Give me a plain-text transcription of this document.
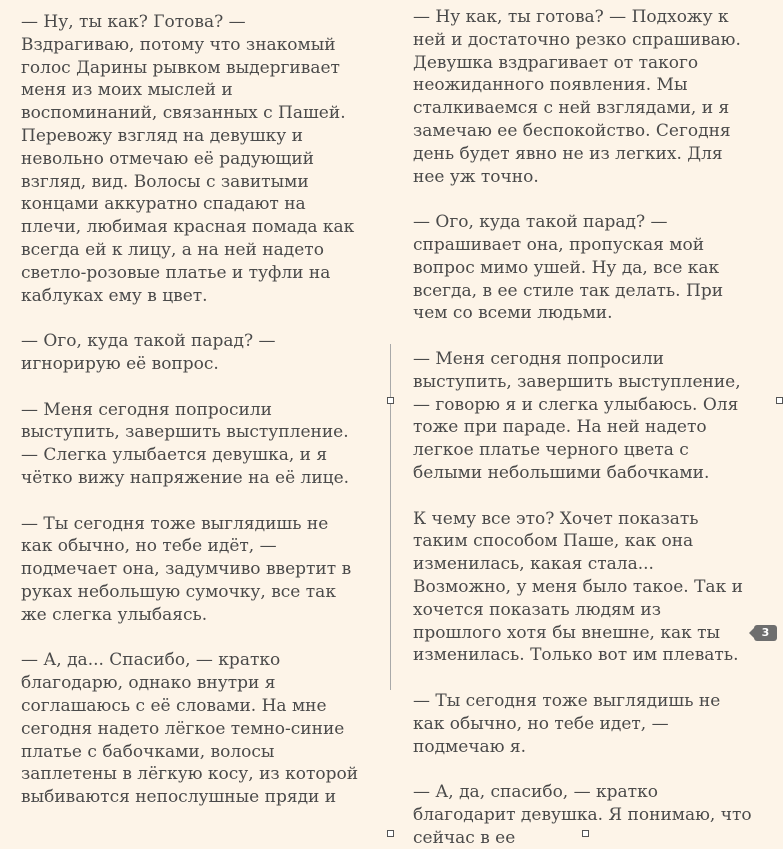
— Ну, ты как? Готова? — Вздрагиваю, потому что знакомый голос Дарины рывком выдергивает меня из моих мыслей и воспоминаний, связанных с Пашей. Перевожу взгляд на девушку и невольно отмечаю её радующий взгляд, вид. Волосы с завитыми концами аккуратно спадают на плечи, любимая красная помада как всегда ей к лицу, а на ней надето светло-розовые платье и туфли на каблуках ему в цвет.

— Ого, куда такой парад? — игнорирую её вопрос.

— Меня сегодня попросили выступить, завершить выступление. — Слегка улыбается девушка, и я чётко вижу напряжение на её лице.

— Ты сегодня тоже выглядишь не как обычно, но тебе идёт, — подмечает она, задумчиво ввертит в руках небольшую сумочку, все так же слегка улыбаясь.

— А, да... Спасибо, — кратко благодарю, однако внутри я соглашаюсь с её словами. На мне сегодня надето лёгкое темно-синие платье с бабочками, волосы заплетены в лёгкую косу, из которой выбиваются непослушные пряди и

— Ну как, ты готова? — Подхожу к ней и достаточно резко спрашиваю. Девушка вздрагивает от такого неожиданного появления. Мы сталкиваемся с ней взглядами, и я замечаю ее беспокойство. Сегодня день будет явно не из легких. Для нее уж точно.

— Ого, куда такой парад? — спрашивает она, пропуская мой вопрос мимо ушей. Ну да, все как всегда, в ее стиле так делать. При чем со всеми людьми.

— Меня сегодня попросили выступить, завершить выступление, — говорю я и слегка улыбаюсь. Оля тоже при параде. На ней надето легкое платье черного цвета с белыми небольшими бабочками.

К чему все это? Хочет показать таким способом Паше, как она изменилась, какая стала... Возможно, у меня было такое. Так и хочется показать людям из прошлого хотя бы внешне, как ты изменилась. Только вот им плевать.

— Ты сегодня тоже выглядишь не как обычно, но тебе идет, — подмечаю я.

— А, да, спасибо, — кратко благодарит девушка. Я понимаю, что сейчас в ее

3
